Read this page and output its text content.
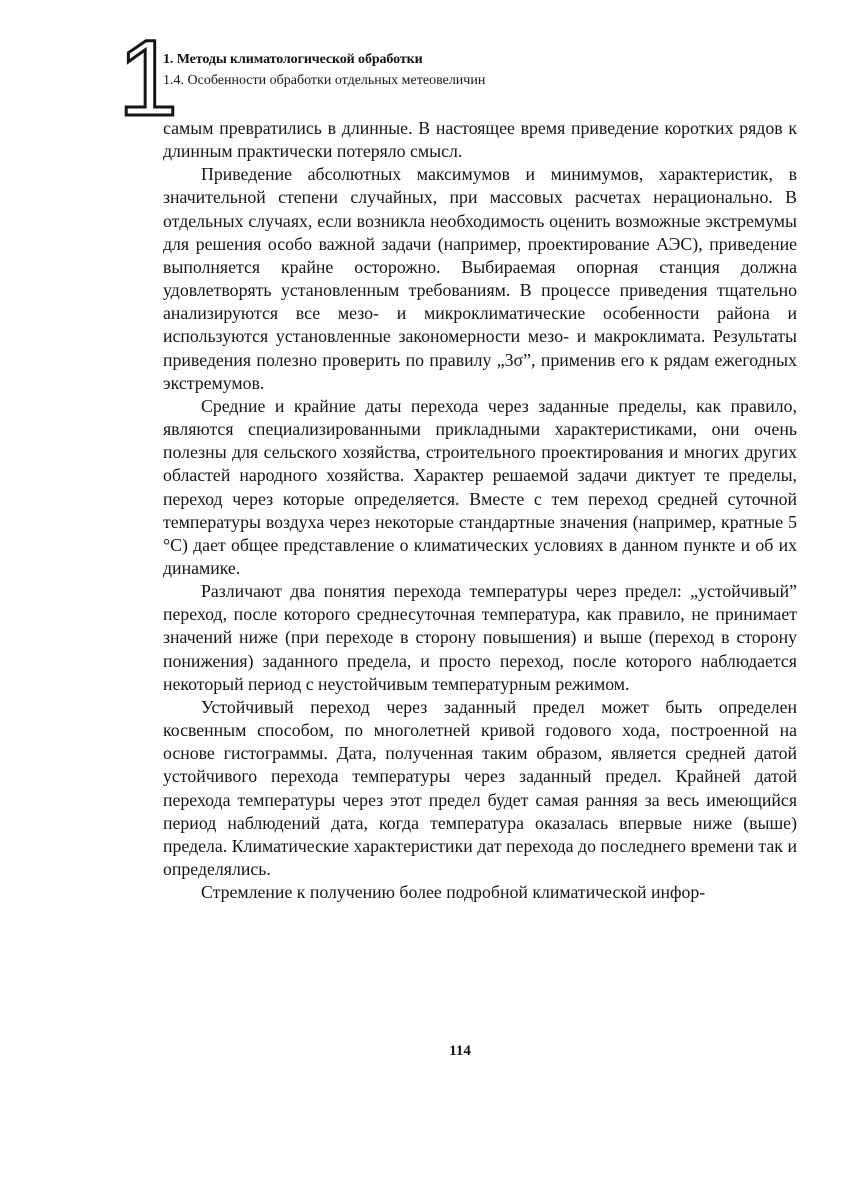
1
1. Методы климатологической обработки
1.4. Особенности обработки отдельных метеовеличин

самым превратились в длинные. В настоящее время приведение коротких рядов к длинным практически потеряло смысл.

Приведение абсолютных максимумов и минимумов, характеристик, в значительной степени случайных, при массовых расчетах нерационально. В отдельных случаях, если возникла необходимость оценить возможные экстремумы для решения особо важной задачи (например, проектирование АЭС), приведение выполняется крайне осторожно. Выбираемая опорная станция должна удовлетворять установленным требованиям. В процессе приведения тщательно анализируются все мезо- и микроклиматические особенности района и используются установленные закономерности мезо- и макроклимата. Результаты приведения полезно проверить по правилу „3σ”, применив его к рядам ежегодных экстремумов.

Средние и крайние даты перехода через заданные пределы, как правило, являются специализированными прикладными характеристиками, они очень полезны для сельского хозяйства, строительного проектирования и многих других областей народного хозяйства. Характер решаемой задачи диктует те пределы, переход через которые определяется. Вместе с тем переход средней суточной температуры воздуха через некоторые стандартные значения (например, кратные 5 °С) дает общее представление о климатических условиях в данном пункте и об их динамике.

Различают два понятия перехода температуры через предел: „устойчивый” переход, после которого среднесуточная температура, как правило, не принимает значений ниже (при переходе в сторону повышения) и выше (переход в сторону понижения) заданного предела, и просто переход, после которого наблюдается некоторый период с неустойчивым температурным режимом.

Устойчивый переход через заданный предел может быть определен косвенным способом, по многолетней кривой годового хода, построенной на основе гистограммы. Дата, полученная таким образом, является средней датой устойчивого перехода температуры через заданный предел. Крайней датой перехода температуры через этот предел будет самая ранняя за весь имеющийся период наблюдений дата, когда температура оказалась впервые ниже (выше) предела. Климатические характеристики дат перехода до последнего времени так и определялись.

Стремление к получению более подробной климатической инфор-

114
